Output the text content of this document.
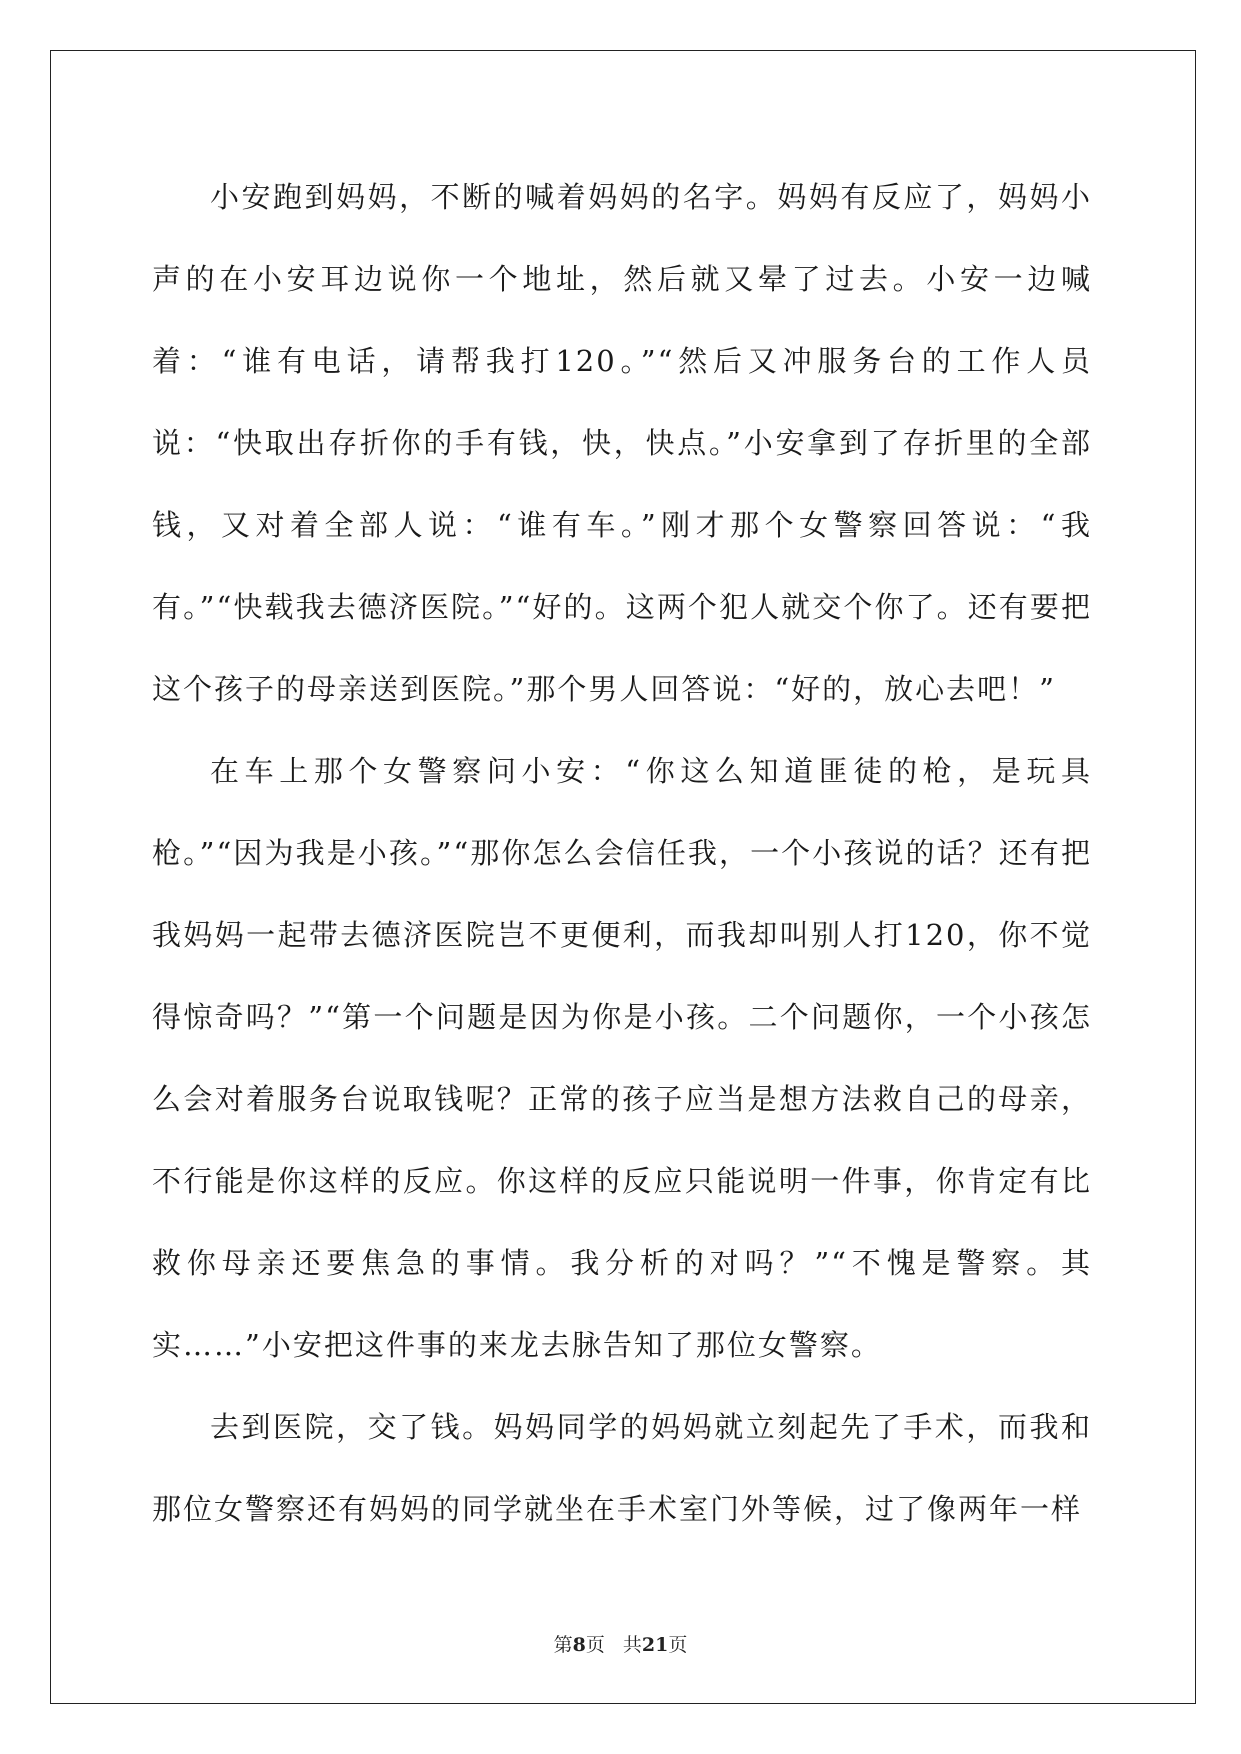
小安跑到妈妈，不断的喊着妈妈的名字。妈妈有反应了，妈妈小声的在小安耳边说你一个地址，然后就又晕了过去。小安一边喊着：“谁有电话，请帮我打120。”“然后又冲服务台的工作人员说：“快取出存折你的手有钱，快，快点。”小安拿到了存折里的全部钱，又对着全部人说：“谁有车。”刚才那个女警察回答说：“我有。”“快载我去德济医院。”“好的。这两个犯人就交个你了。还有要把这个孩子的母亲送到医院。”那个男人回答说：“好的，放心去吧！”

在车上那个女警察问小安：“你这么知道匪徒的枪，是玩具枪。”“因为我是小孩。”“那你怎么会信任我，一个小孩说的话？还有把我妈妈一起带去德济医院岂不更便利，而我却叫别人打120，你不觉得惊奇吗？”“第一个问题是因为你是小孩。二个问题你，一个小孩怎么会对着服务台说取钱呢？正常的孩子应当是想方法救自己的母亲，不行能是你这样的反应。你这样的反应只能说明一件事，你肯定有比救你母亲还要焦急的事情。我分析的对吗？”“不愧是警察。其实……”小安把这件事的来龙去脉告知了那位女警察。

去到医院，交了钱。妈妈同学的妈妈就立刻起先了手术，而我和那位女警察还有妈妈的同学就坐在手术室门外等候，过了像两年一样

第8页 共21页
